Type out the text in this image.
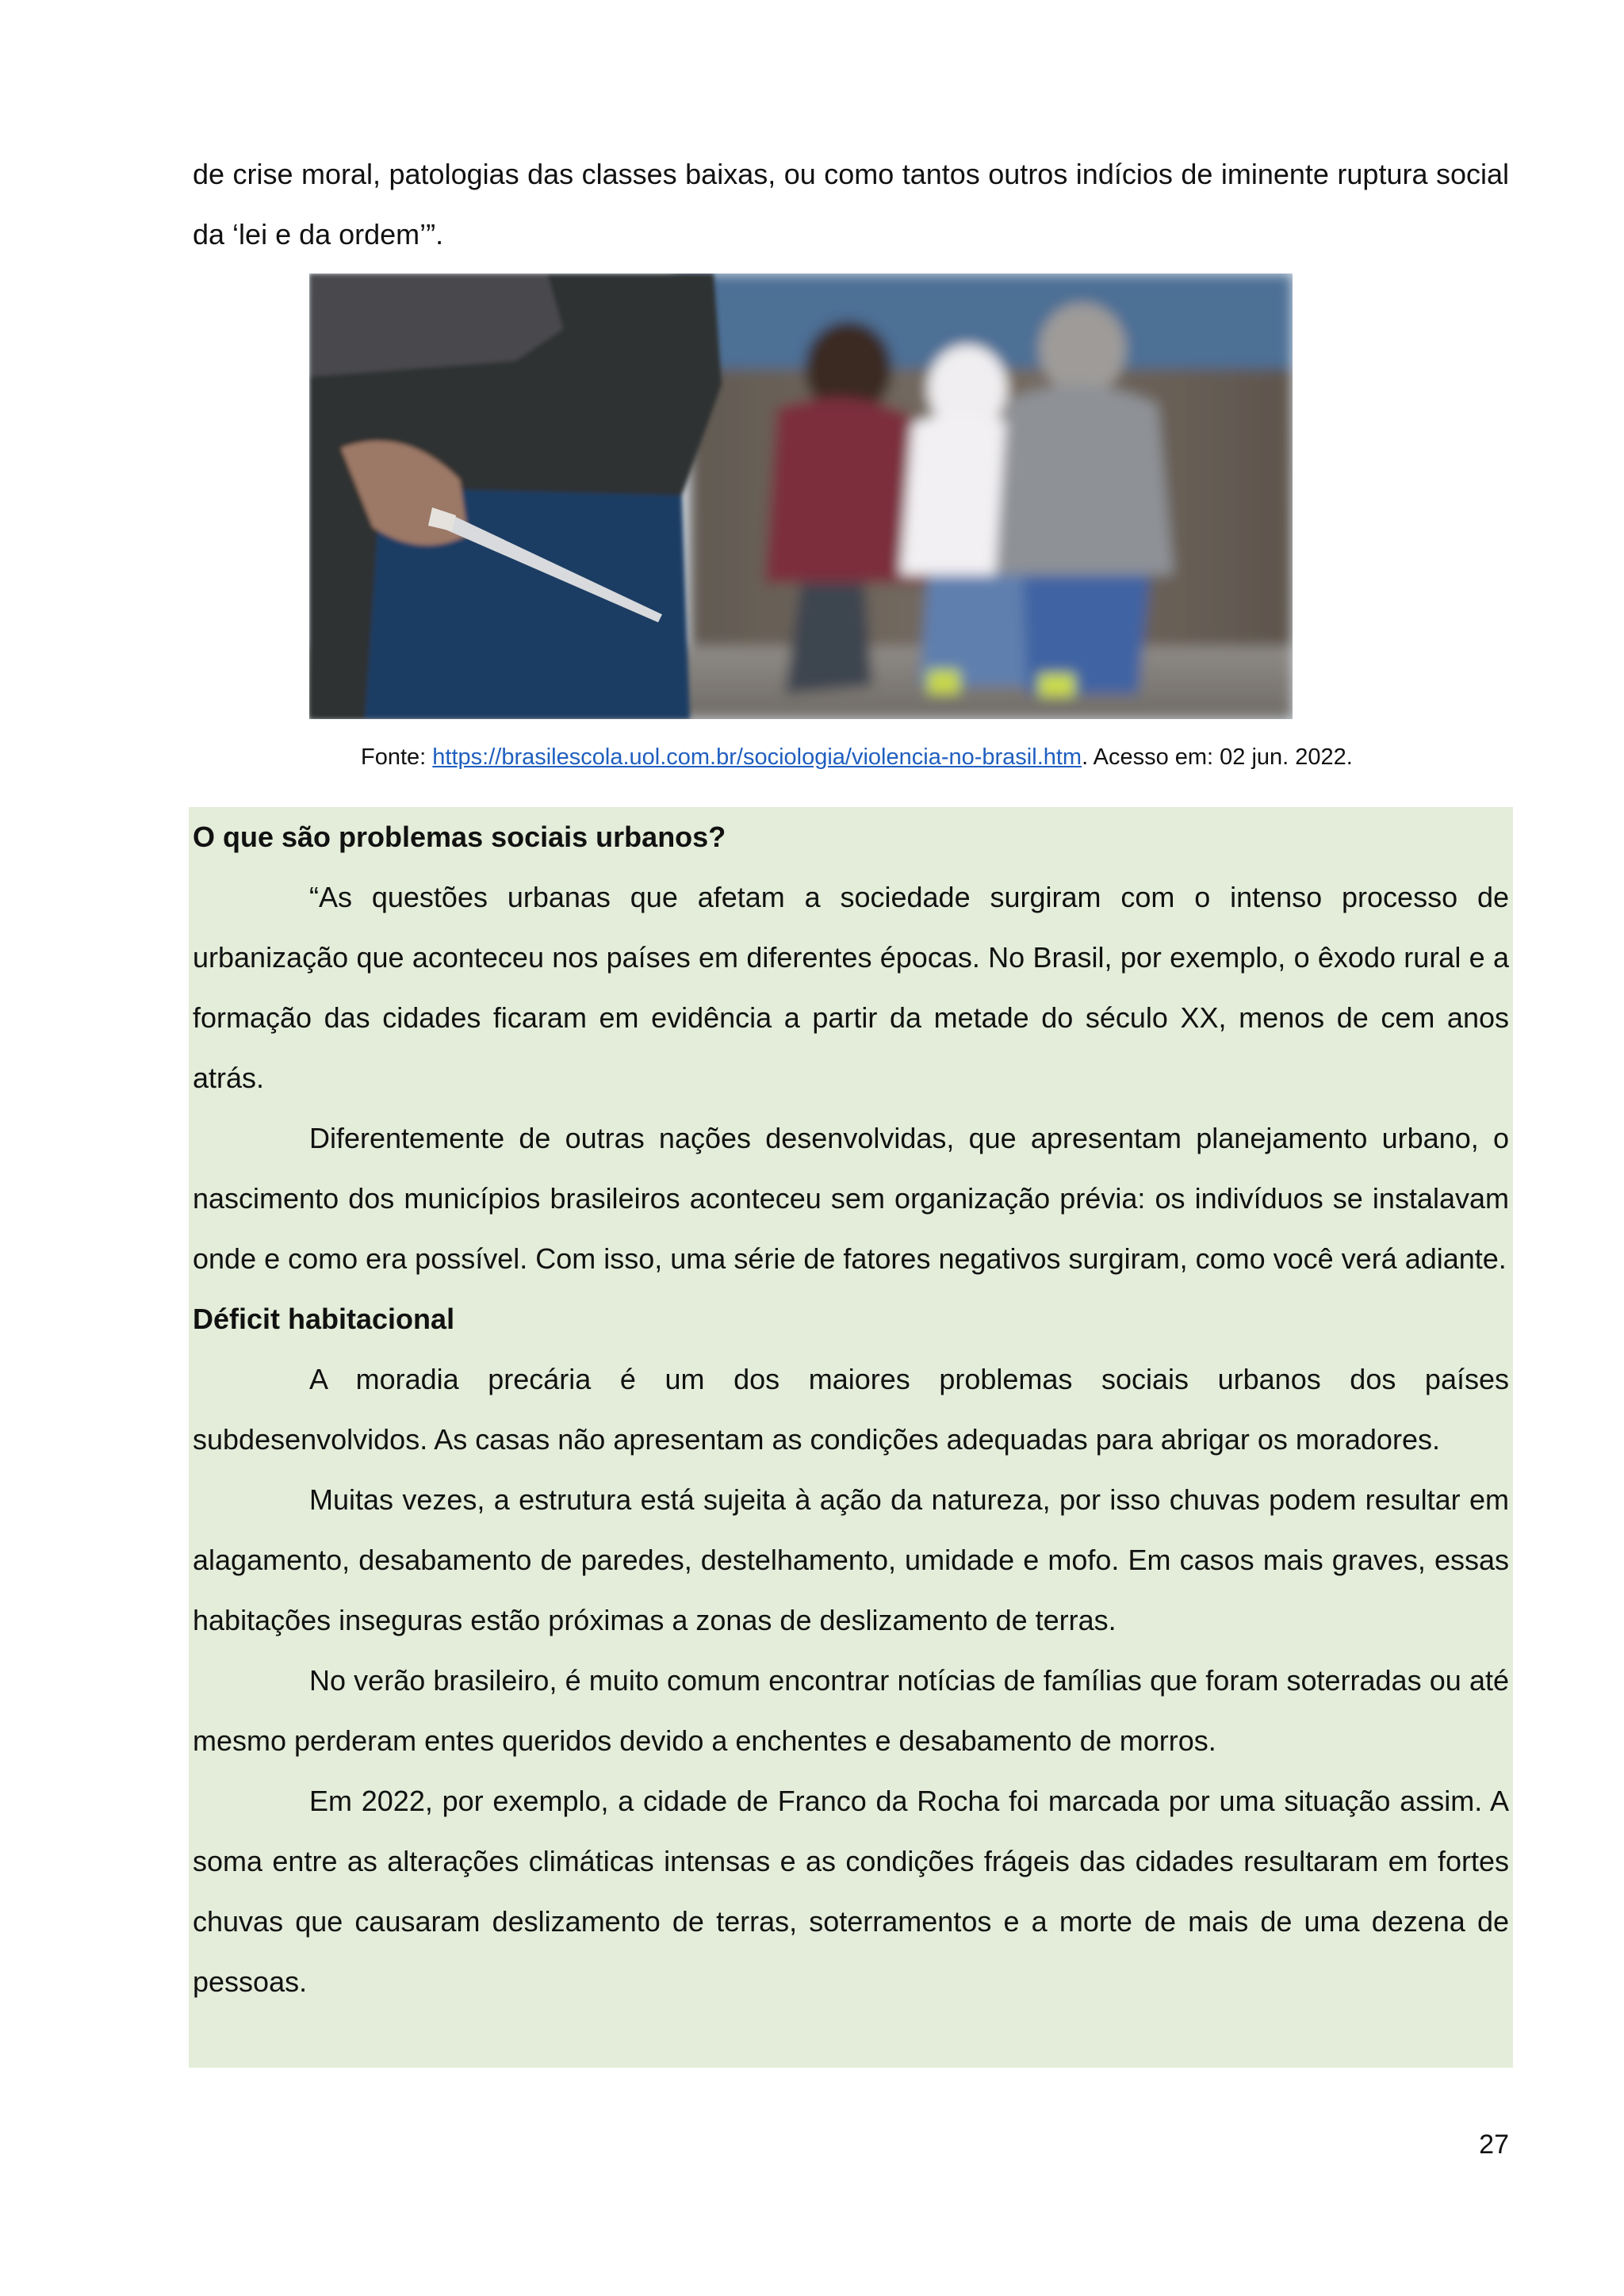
de crise moral, patologias das classes baixas, ou como tantos outros indícios de iminente ruptura social da ‘lei e da ordem’”.

Fonte: https://brasilescola.uol.com.br/sociologia/violencia-no-brasil.htm. Acesso em: 02 jun. 2022.

O que são problemas sociais urbanos?
“As questões urbanas que afetam a sociedade surgiram com o intenso processo de urbanização que aconteceu nos países em diferentes épocas. No Brasil, por exemplo, o êxodo rural e a formação das cidades ficaram em evidência a partir da metade do século XX, menos de cem anos atrás.
Diferentemente de outras nações desenvolvidas, que apresentam planejamento urbano, o nascimento dos municípios brasileiros aconteceu sem organização prévia: os indivíduos se instalavam onde e como era possível. Com isso, uma série de fatores negativos surgiram, como você verá adiante.
Déficit habitacional
A moradia precária é um dos maiores problemas sociais urbanos dos países subdesenvolvidos. As casas não apresentam as condições adequadas para abrigar os moradores.
Muitas vezes, a estrutura está sujeita à ação da natureza, por isso chuvas podem resultar em alagamento, desabamento de paredes, destelhamento, umidade e mofo. Em casos mais graves, essas habitações inseguras estão próximas a zonas de deslizamento de terras.
No verão brasileiro, é muito comum encontrar notícias de famílias que foram soterradas ou até mesmo perderam entes queridos devido a enchentes e desabamento de morros.
Em 2022, por exemplo, a cidade de Franco da Rocha foi marcada por uma situação assim. A soma entre as alterações climáticas intensas e as condições frágeis das cidades resultaram em fortes chuvas que causaram deslizamento de terras, soterramentos e a morte de mais de uma dezena de pessoas.

27
